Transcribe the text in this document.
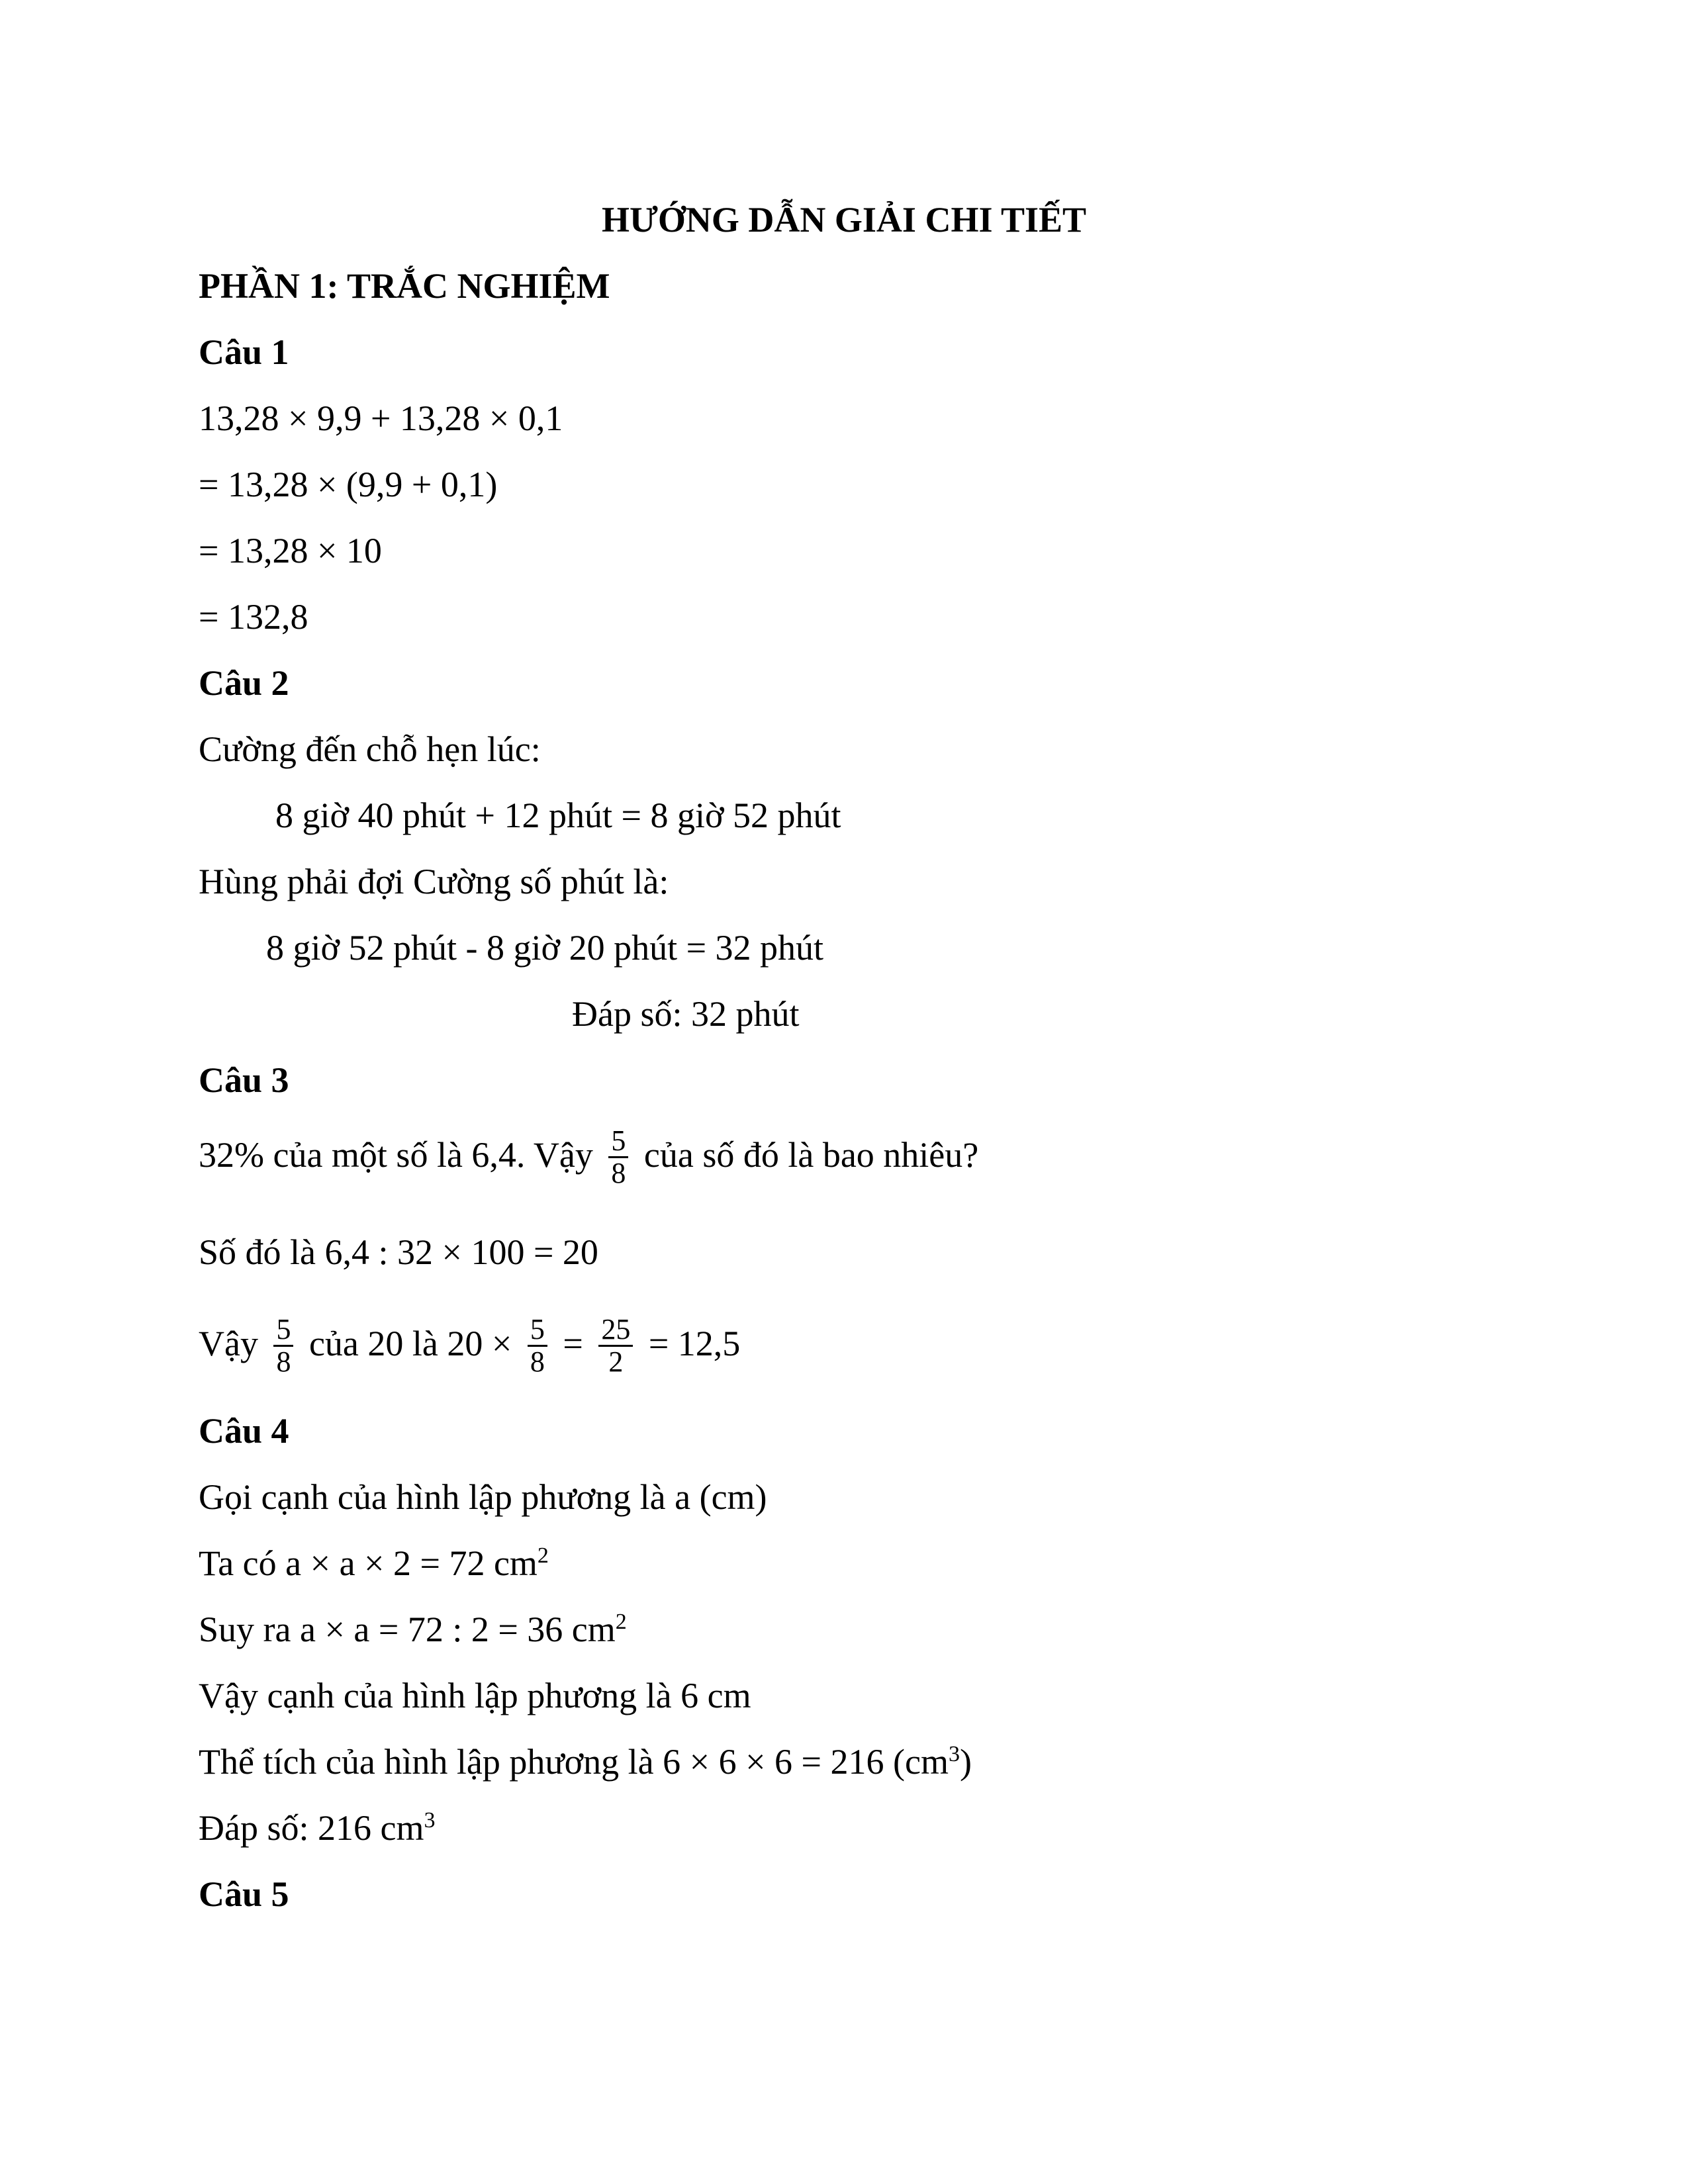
HƯỚNG DẪN GIẢI CHI TIẾT
PHẦN 1: TRẮC NGHIỆM
Câu 1
13,28 × 9,9 + 13,28 × 0,1
= 13,28 × (9,9 + 0,1)
= 13,28 × 10
= 132,8
Câu 2
Cường đến chỗ hẹn lúc:
8 giờ 40 phút + 12 phút = 8 giờ 52 phút
Hùng phải đợi Cường số phút là:
8 giờ 52 phút - 8 giờ 20 phút = 32 phút
Đáp số: 32 phút
Câu 3
32% của một số là 6,4. Vậy $\frac{5}{8}$ của số đó là bao nhiêu?
Số đó là 6,4 : 32 × 100 = 20
Vậy $\frac{5}{8}$ của 20 là $20 \times \frac{5}{8} = \frac{25}{2} = 12,5$
Câu 4
Gọi cạnh của hình lập phương là a (cm)
Ta có a × a × 2 = 72 $cm^2$
Suy ra a × a = 72 : 2 = 36 $cm^2$
Vậy cạnh của hình lập phương là 6 cm
Thể tích của hình lập phương là 6 × 6 × 6 = 216 $(cm^3)$
Đáp số: 216 $cm^3$
Câu 5
